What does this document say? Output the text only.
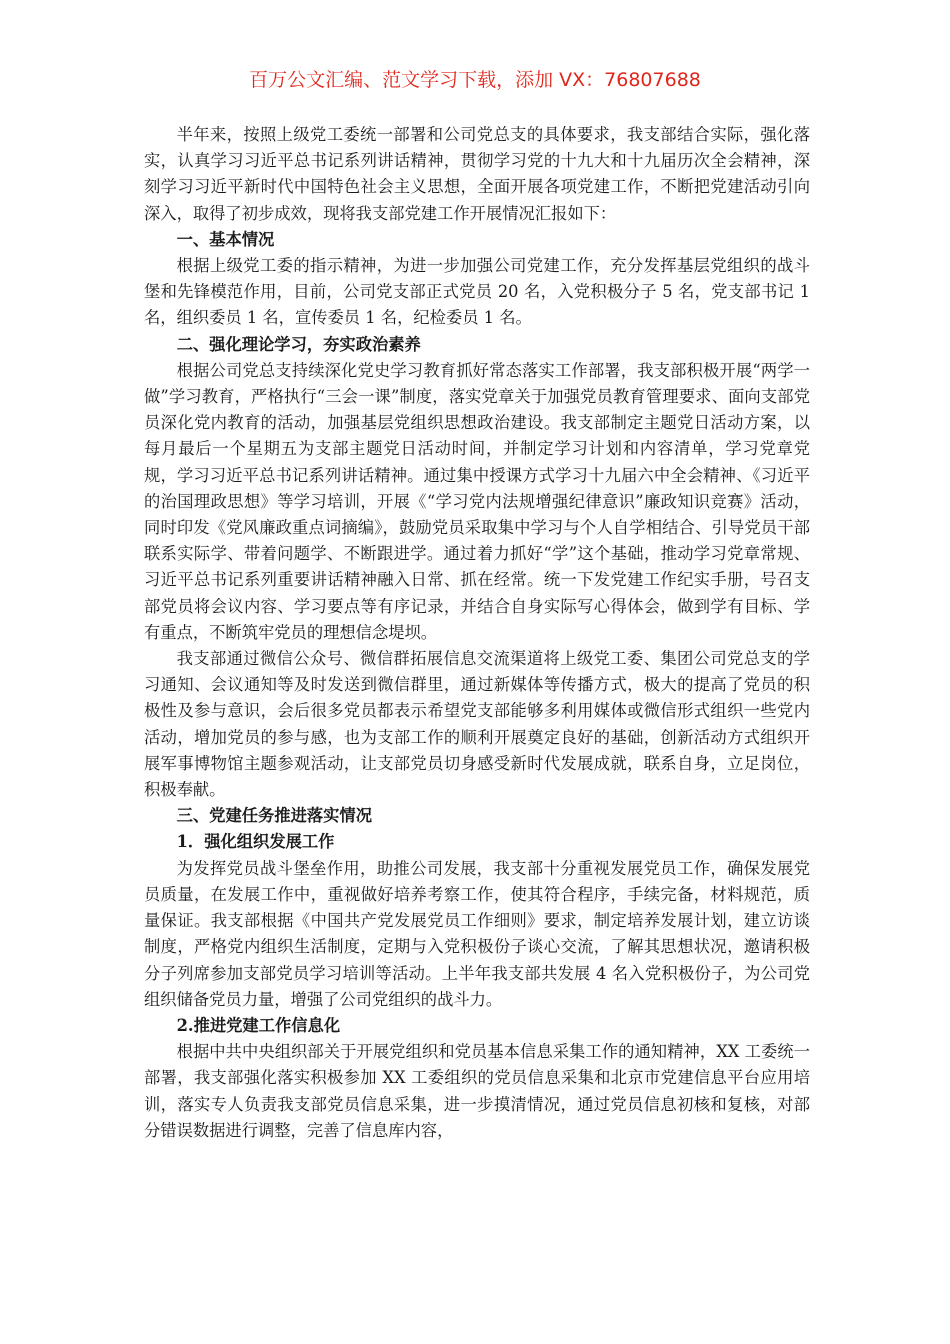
百万公文汇编、范文学习下载，添加 VX：76807688

半年来，按照上级党工委统一部署和公司党总支的具体要求，我支部结合实际，强化落实，认真学习习近平总书记系列讲话精神，贯彻学习党的十九大和十九届历次全会精神，深刻学习习近平新时代中国特色社会主义思想，全面开展各项党建工作，不断把党建活动引向深入，取得了初步成效，现将我支部党建工作开展情况汇报如下：

一、基本情况

根据上级党工委的指示精神，为进一步加强公司党建工作，充分发挥基层党组织的战斗堡和先锋模范作用，目前，公司党支部正式党员 20 名，入党积极分子 5 名，党支部书记 1 名，组织委员 1 名，宣传委员 1 名，纪检委员 1 名。

二、强化理论学习，夯实政治素养

根据公司党总支持续深化党史学习教育抓好常态落实工作部署，我支部积极开展“两学一做”学习教育，严格执行“三会一课”制度，落实党章关于加强党员教育管理要求、面向支部党员深化党内教育的活动，加强基层党组织思想政治建设。我支部制定主题党日活动方案，以每月最后一个星期五为支部主题党日活动时间，并制定学习计划和内容清单，学习党章党规，学习习近平总书记系列讲话精神。通过集中授课方式学习十九届六中全会精神、《习近平的治国理政思想》等学习培训，开展《“学习党内法规增强纪律意识”廉政知识竞赛》活动，同时印发《党风廉政重点词摘编》，鼓励党员采取集中学习与个人自学相结合、引导党员干部联系实际学、带着问题学、不断跟进学。通过着力抓好“学”这个基础，推动学习党章常规、习近平总书记系列重要讲话精神融入日常、抓在经常。统一下发党建工作纪实手册，号召支部党员将会议内容、学习要点等有序记录，并结合自身实际写心得体会，做到学有目标、学有重点，不断筑牢党员的理想信念堤坝。

我支部通过微信公众号、微信群拓展信息交流渠道将上级党工委、集团公司党总支的学习通知、会议通知等及时发送到微信群里，通过新媒体等传播方式，极大的提高了党员的积极性及参与意识，会后很多党员都表示希望党支部能够多利用媒体或微信形式组织一些党内活动，增加党员的参与感，也为支部工作的顺利开展奠定良好的基础，创新活动方式组织开展军事博物馆主题参观活动，让支部党员切身感受新时代发展成就，联系自身，立足岗位，积极奉献。

三、党建任务推进落实情况
1．强化组织发展工作

为发挥党员战斗堡垒作用，助推公司发展，我支部十分重视发展党员工作，确保发展党员质量，在发展工作中，重视做好培养考察工作，使其符合程序，手续完备，材料规范，质量保证。我支部根据《中国共产党发展党员工作细则》要求，制定培养发展计划，建立访谈制度，严格党内组织生活制度，定期与入党积极份子谈心交流，了解其思想状况，邀请积极分子列席参加支部党员学习培训等活动。上半年我支部共发展 4 名入党积极份子，为公司党组织储备党员力量，增强了公司党组织的战斗力。

2.推进党建工作信息化

根据中共中央组织部关于开展党组织和党员基本信息采集工作的通知精神，XX 工委统一部署，我支部强化落实积极参加 XX 工委组织的党员信息采集和北京市党建信息平台应用培训，落实专人负责我支部党员信息采集，进一步摸清情况，通过党员信息初核和复核，对部分错误数据进行调整，完善了信息库内容，
